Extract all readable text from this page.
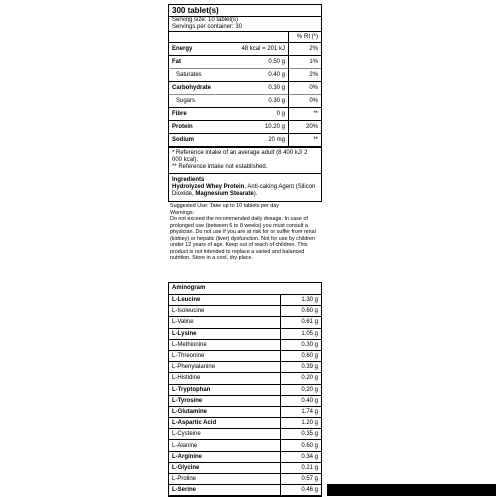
300 tablet(s)
Serving size: 10 tablet(s)
Servings per container: 30
		% RI (*)
Energy	48 kcal = 201 kJ	2%
Fat	0.50 g	1%
Saturates	0.40 g	2%
Carbohydrate	0.30 g	0%
Sugars	0.30 g	0%
Fibre	0 g	**
Protein	10.20 g	20%
Sodium	20 mg	**
* Reference intake of an average adult (8 400 kJ/ 2 000 kcal).
** Reference intake not established.
Ingredients
Hydrolyzed Whey Protein, Anti-caking Agent (Silicon Dioxide, Magnesium Stearate).

Suggested Use: Take up to 10 tablets per day

Warnings:

Do not exceed the recommended daily dosage. In case of prolonged use (between 6 to 8 weeks) you must consult a physician. Do not use if you are at risk for or suffer from renal (kidney) or hepatic (liver) dysfunction. Not for use by children under 12 years of age. Keep out of reach of children. This product is not intended to replace a varied and balanced nutrition. Store in a cool, dry place.

Aminogram
L-Leucine	1.30 g
L-Isoleucine	0.60 g
L-Valine	0.61 g
L-Lysine	1.05 g
L-Methionine	0.30 g
L-Threonine	0.60 g
L-Phenylalanine	0.39 g
L-Histidine	0.20 g
L-Tryptophan	0.20 g
L-Tyrosine	0.40 g
L-Glutamine	1.74 g
L-Aspartic Acid	1.20 g
L-Cysteine	0.35 g
L-Alanine	0.60 g
L-Arginine	0.34 g
L-Glycine	0.21 g
L-Proline	0.57 g
L-Serine	0.46 g
